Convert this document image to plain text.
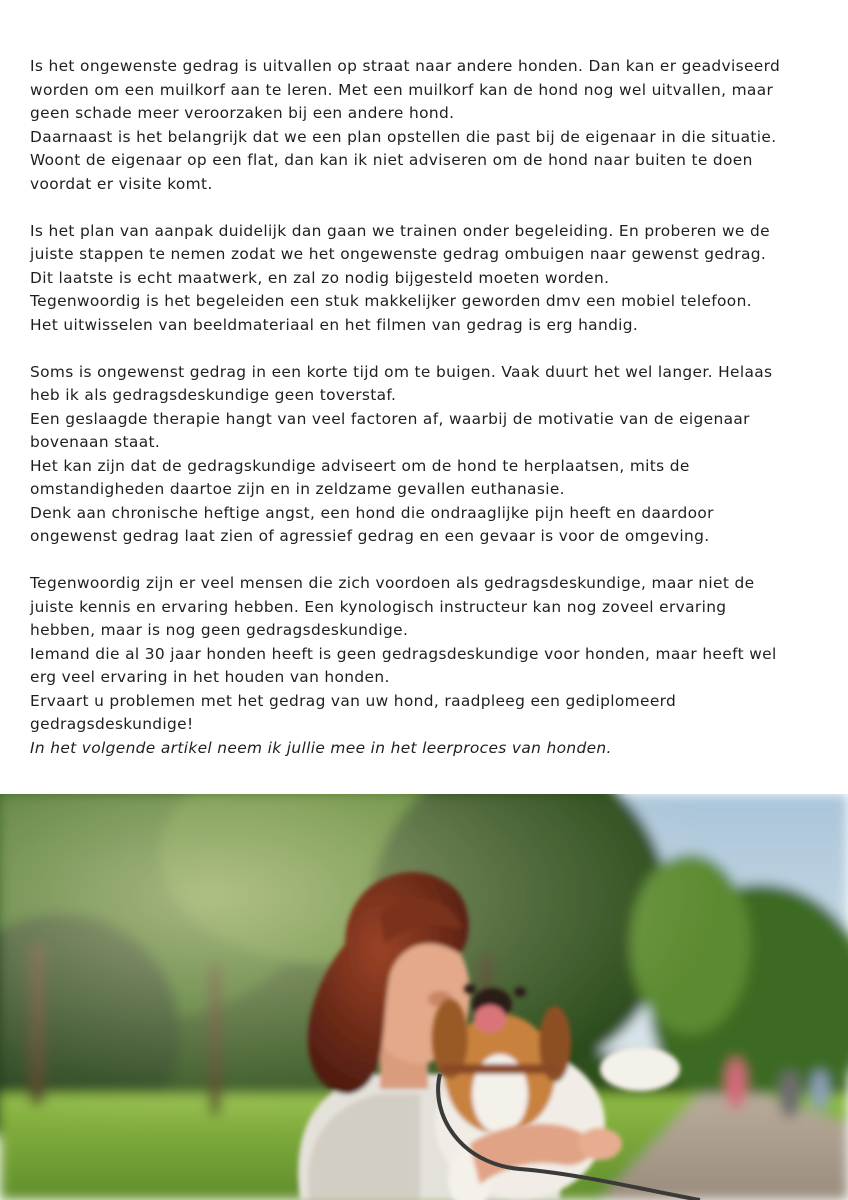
Is het ongewenste gedrag is uitvallen op straat naar andere honden. Dan kan er geadviseerd
worden om een muilkorf aan te leren. Met een muilkorf kan de hond nog wel uitvallen, maar
geen schade meer veroorzaken bij een andere hond.
Daarnaast is het belangrijk dat we een plan opstellen die past bij de eigenaar in die situatie.
Woont de eigenaar op een flat, dan kan ik niet adviseren om de hond naar buiten te doen
voordat er visite komt.

Is het plan van aanpak duidelijk dan gaan we trainen onder begeleiding. En proberen we de
juiste stappen te nemen zodat we het ongewenste gedrag ombuigen naar gewenst gedrag.
Dit laatste is echt maatwerk, en zal zo nodig bijgesteld moeten worden.
Tegenwoordig is het begeleiden een stuk makkelijker geworden dmv een mobiel telefoon.
Het uitwisselen van beeldmateriaal en het filmen van gedrag is erg handig.

Soms is ongewenst gedrag in een korte tijd om te buigen. Vaak duurt het wel langer. Helaas
heb ik als gedragsdeskundige geen toverstaf.
Een geslaagde therapie hangt van veel factoren af, waarbij de motivatie van de eigenaar
bovenaan staat.
Het kan zijn dat de gedragskundige adviseert om de hond te herplaatsen, mits de
omstandigheden daartoe zijn en in zeldzame gevallen euthanasie.
Denk aan chronische heftige angst, een hond die ondraaglijke pijn heeft en daardoor
ongewenst gedrag laat zien of agressief gedrag en een gevaar is voor de omgeving.

Tegenwoordig zijn er veel mensen die zich voordoen als gedragsdeskundige, maar niet de
juiste kennis en ervaring hebben. Een kynologisch instructeur kan nog zoveel ervaring
hebben, maar is nog geen gedragsdeskundige.
Iemand die al 30 jaar honden heeft is geen gedragsdeskundige voor honden, maar heeft wel
erg veel ervaring in het houden van honden.
Ervaart u problemen met het gedrag van uw hond, raadpleeg een gediplomeerd
gedragsdeskundige!
In het volgende artikel neem ik jullie mee in het leerproces van honden.
